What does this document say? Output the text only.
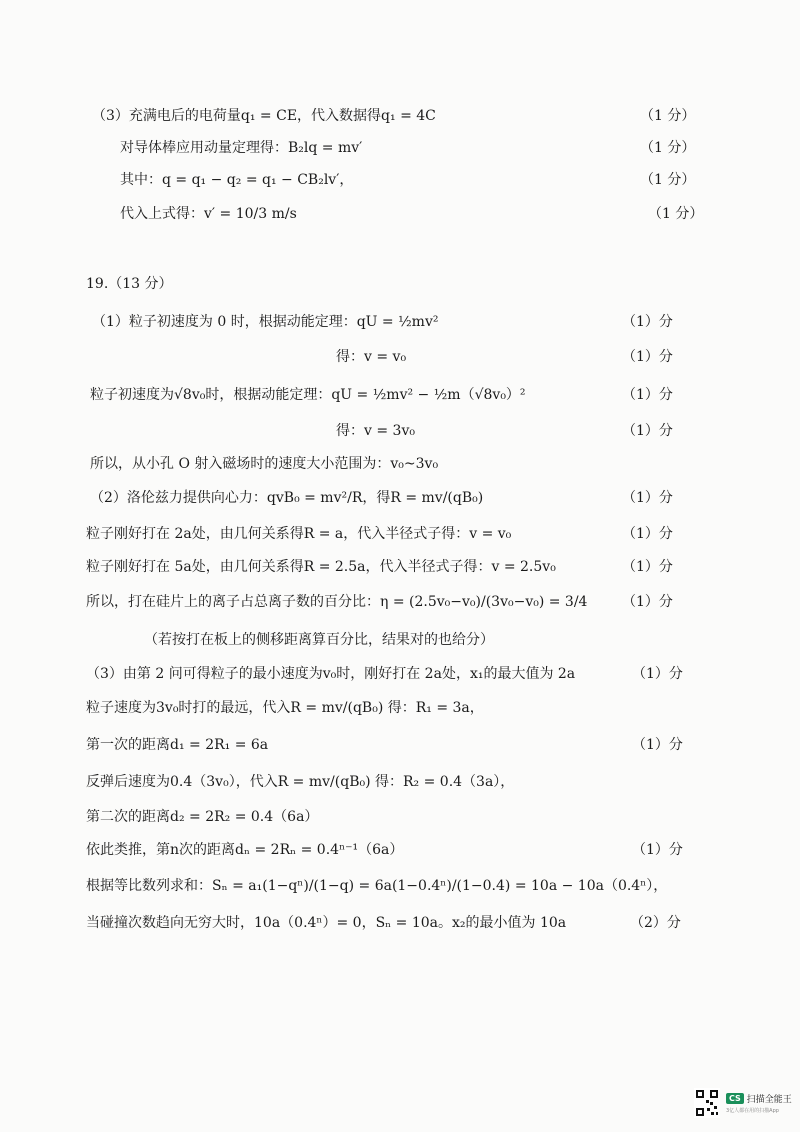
（3）充满电后的电荷量q₁ = CE，代入数据得q₁ = 4C	（1 分）
对导体棒应用动量定理得：B₂lq = mv′	（1 分）
其中：q = q₁ − q₂ = q₁ − CB₂lv′，	（1 分）
代入上式得：v′ = 10/3 m/s	（1 分）
19.（13 分）
（1）粒子初速度为 0 时，根据动能定理：qU = ½mv²	（1）分
得：v = v₀	（1）分
粒子初速度为√8v₀时，根据动能定理：qU = ½mv² − ½m（√8v₀）²	（1）分
得：v = 3v₀	（1）分
所以，从小孔 O 射入磁场时的速度大小范围为：v₀~3v₀
（2）洛伦兹力提供向心力：qvB₀ = mv²/R，得R = mv/(qB₀)	（1）分
粒子刚好打在 2a处，由几何关系得R = a，代入半径式子得：v = v₀	（1）分
粒子刚好打在 5a处，由几何关系得R = 2.5a，代入半径式子得：v = 2.5v₀	（1）分
所以，打在硅片上的离子占总离子数的百分比：η = (2.5v₀−v₀)/(3v₀−v₀) = 3/4 （1）分
（若按打在板上的侧移距离算百分比，结果对的也给分）
（3）由第 2 问可得粒子的最小速度为v₀时，刚好打在 2a处，x₁的最大值为 2a	（1）分
粒子速度为3v₀时打的最远，代入R = mv/(qB₀) 得：R₁ = 3a，
第一次的距离d₁ = 2R₁ = 6a	（1）分
反弹后速度为0.4（3v₀），代入R = mv/(qB₀) 得：R₂ = 0.4（3a），
第二次的距离d₂ = 2R₂ = 0.4（6a）
依此类推，第n次的距离dₙ = 2Rₙ = 0.4ⁿ⁻¹（6a）	（1）分
根据等比数列求和：Sₙ = a₁(1−qⁿ)/(1−q) = 6a(1−0.4ⁿ)/(1−0.4) = 10a − 10a（0.4ⁿ），
当碰撞次数趋向无穷大时，10a（0.4ⁿ）= 0，Sₙ = 10a。x₂的最小值为 10a	（2）分
CS 扫描全能王
3亿人都在用的扫描App
